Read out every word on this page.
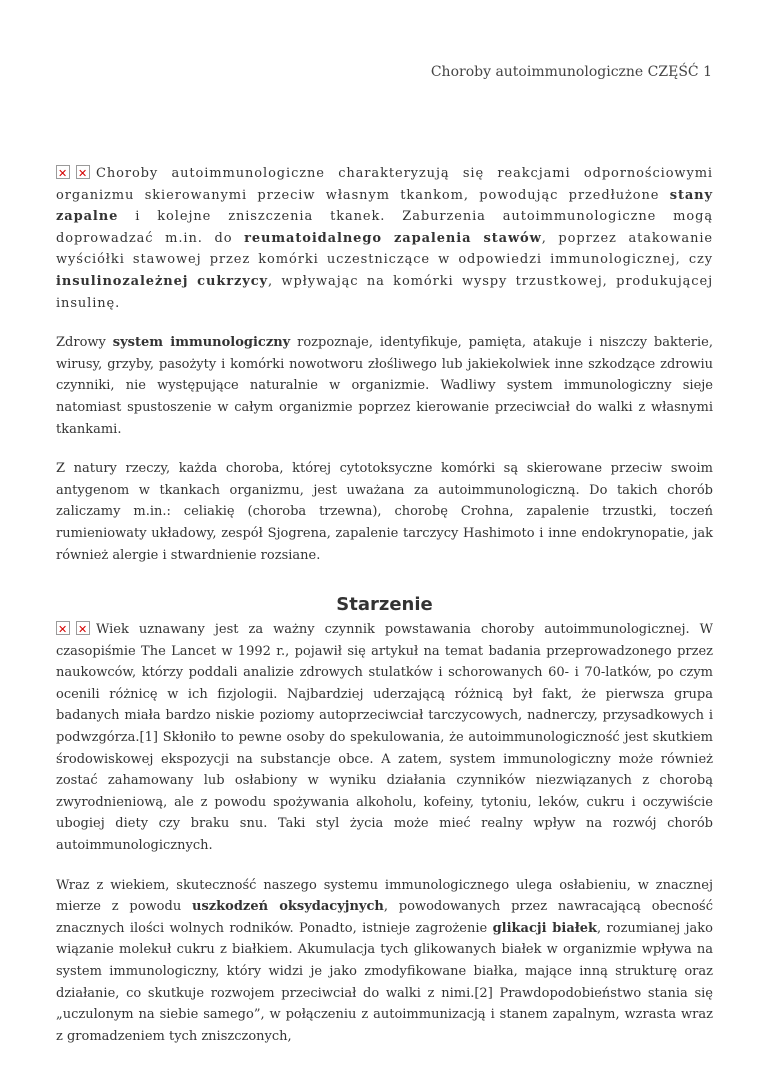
Choroby autoimmunologiczne CZĘŚĆ 1

✕✕Choroby autoimmunologiczne charakteryzują się reakcjami odpornościowymi organizmu skierowanymi przeciw własnym tkankom, powodując przedłużone stany zapalne i kolejne zniszczenia tkanek. Zaburzenia autoimmunologiczne mogą doprowadzać m.in. do reumatoidalnego zapalenia stawów, poprzez atakowanie wyściółki stawowej przez komórki uczestniczące w odpowiedzi immunologicznej, czy insulinozależnej cukrzycy, wpływając na komórki wyspy trzustkowej, produkującej insulinę.

Zdrowy system immunologiczny rozpoznaje, identyfikuje, pamięta, atakuje i niszczy bakterie, wirusy, grzyby, pasożyty i komórki nowotworu złośliwego lub jakiekolwiek inne szkodzące zdrowiu czynniki, nie występujące naturalnie w organizmie. Wadliwy system immunologiczny sieje natomiast spustoszenie w całym organizmie poprzez kierowanie przeciwciał do walki z własnymi tkankami.

Z natury rzeczy, każda choroba, której cytotoksyczne komórki są skierowane przeciw swoim antygenom w tkankach organizmu, jest uważana za autoimmunologiczną. Do takich chorób zaliczamy m.in.: celiakię (choroba trzewna), chorobę Crohna, zapalenie trzustki, toczeń rumieniowaty układowy, zespół Sjogrena, zapalenie tarczycy Hashimoto i inne endokrynopatie, jak również alergie i stwardnienie rozsiane.

Starzenie

✕✕Wiek uznawany jest za ważny czynnik powstawania choroby autoimmunologicznej. W czasopiśmie The Lancet w 1992 r., pojawił się artykuł na temat badania przeprowadzonego przez naukowców, którzy poddali analizie zdrowych stulatków i schorowanych 60- i 70-latków, po czym ocenili różnicę w ich fizjologii. Najbardziej uderzającą różnicą był fakt, że pierwsza grupa badanych miała bardzo niskie poziomy autoprzeciwciał tarczycowych, nadnerczy, przysadkowych i podwzgórza.[1] Skłoniło to pewne osoby do spekulowania, że autoimmunologiczność jest skutkiem środowiskowej ekspozycji na substancje obce. A zatem, system immunologiczny może również zostać zahamowany lub osłabiony w wyniku działania czynników niezwiązanych z chorobą zwyrodnieniową, ale z powodu spożywania alkoholu, kofeiny, tytoniu, leków, cukru i oczywiście ubogiej diety czy braku snu. Taki styl życia może mieć realny wpływ na rozwój chorób autoimmunologicznych.

Wraz z wiekiem, skuteczność naszego systemu immunologicznego ulega osłabieniu, w znacznej mierze z powodu uszkodzeń oksydacyjnych, powodowanych przez nawracającą obecność znacznych ilości wolnych rodników. Ponadto, istnieje zagrożenie glikacji białek, rozumianej jako wiązanie molekuł cukru z białkiem. Akumulacja tych glikowanych białek w organizmie wpływa na system immunologiczny, który widzi je jako zmodyfikowane białka, mające inną strukturę oraz działanie, co skutkuje rozwojem przeciwciał do walki z nimi.[2] Prawdopodobieństwo stania się „uczulonym na siebie samego”, w połączeniu z autoimmunizacją i stanem zapalnym, wzrasta wraz z gromadzeniem tych zniszczonych,
